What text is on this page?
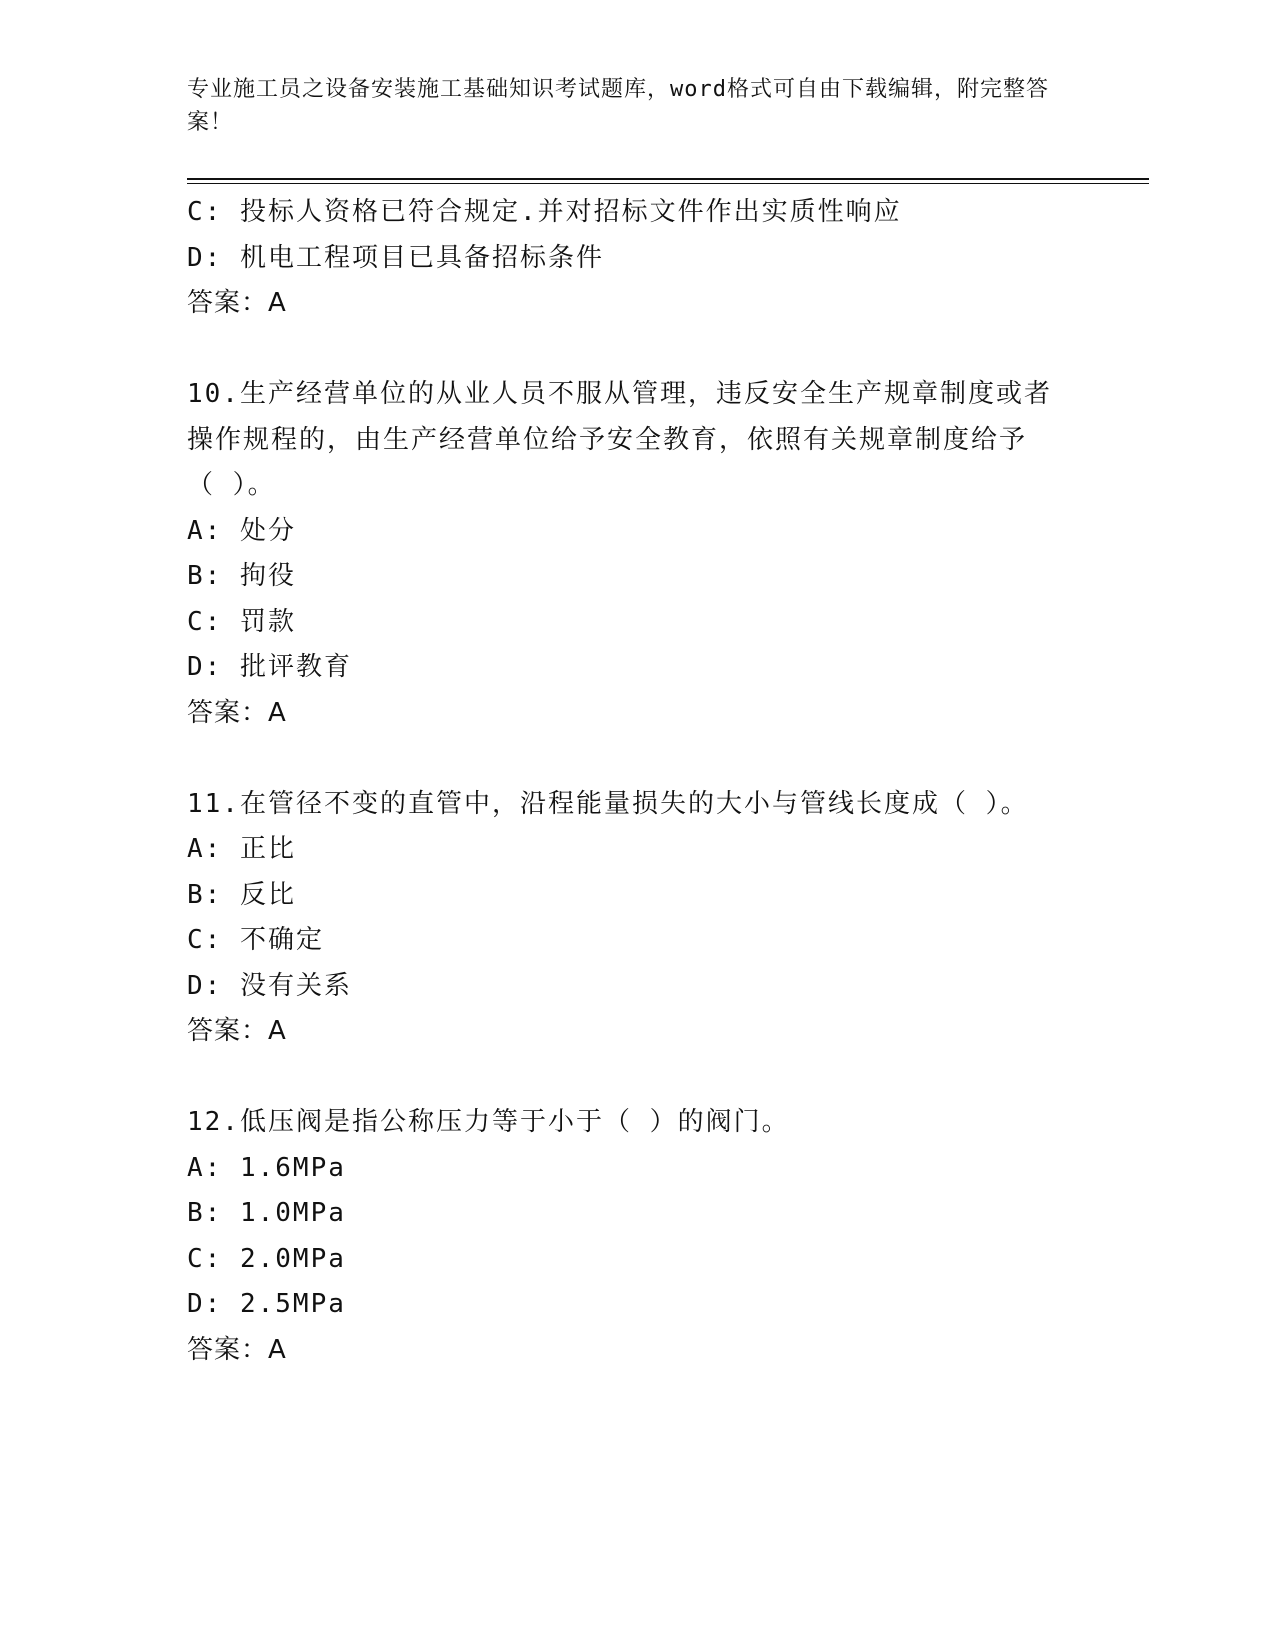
专业施工员之设备安装施工基础知识考试题库，word格式可自由下载编辑，附完整答案！
C: 投标人资格已符合规定.并对招标文件作出实质性响应
D: 机电工程项目已具备招标条件
答案：A
10.生产经营单位的从业人员不服从管理，违反安全生产规章制度或者
操作规程的，由生产经营单位给予安全教育，依照有关规章制度给予
（ ）。
A: 处分
B: 拘役
C: 罚款
D: 批评教育
答案：A
11.在管径不变的直管中，沿程能量损失的大小与管线长度成（ ）。
A: 正比
B: 反比
C: 不确定
D: 没有关系
答案：A
12.低压阀是指公称压力等于小于（ ）的阀门。
A: 1.6MPa
B: 1.0MPa
C: 2.0MPa
D: 2.5MPa
答案：A
